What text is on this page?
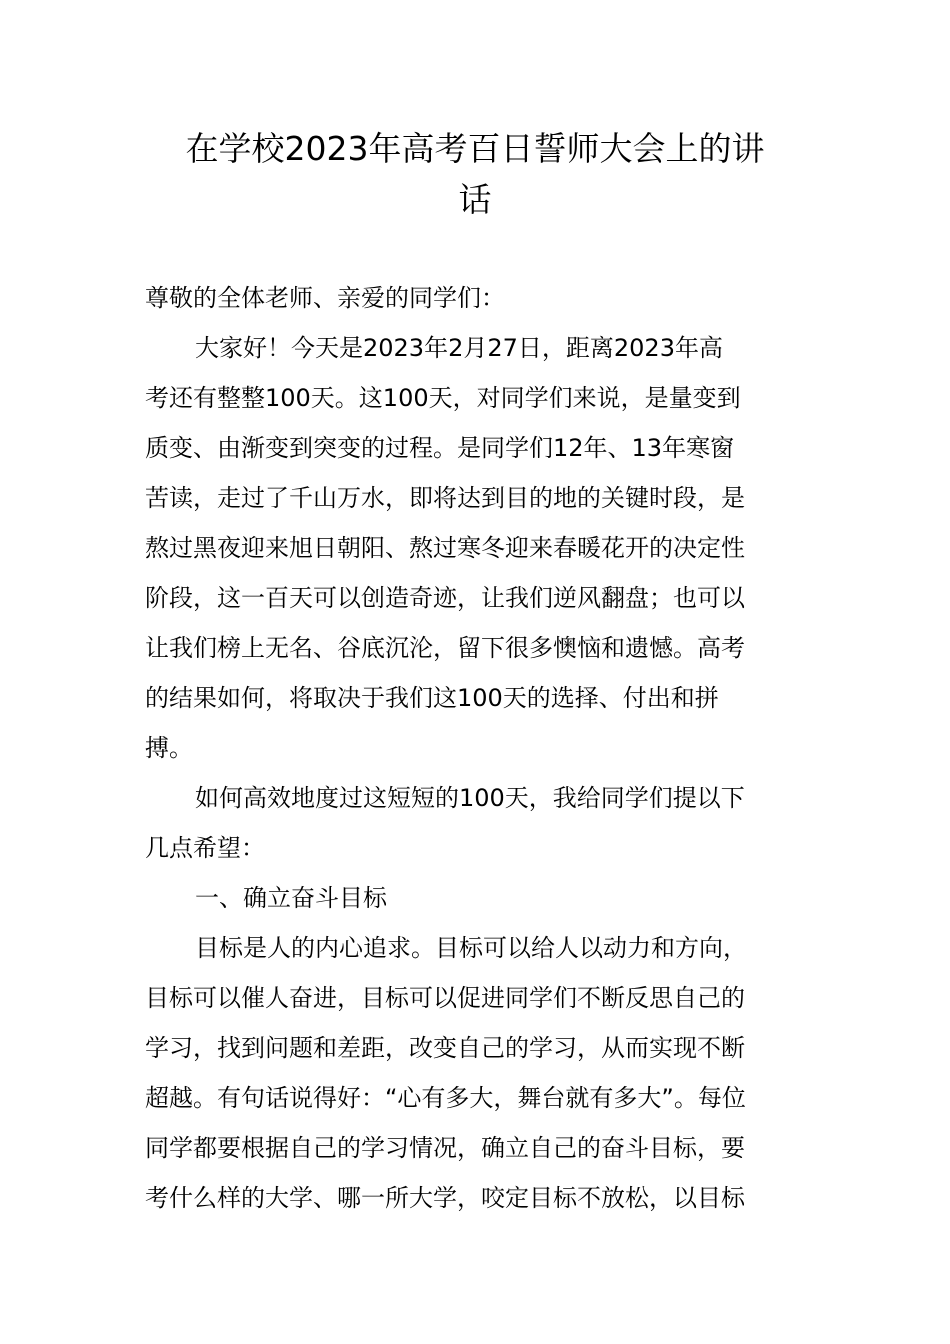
在学校2023年高考百日誓师大会上的讲
话

尊敬的全体老师、亲爱的同学们：

大家好！今天是2023年2月27日，距离2023年高

考还有整整100天。这100天，对同学们来说，是量变到

质变、由渐变到突变的过程。是同学们12年、13年寒窗

苦读，走过了千山万水，即将达到目的地的关键时段，是

熬过黑夜迎来旭日朝阳、熬过寒冬迎来春暖花开的决定性

阶段，这一百天可以创造奇迹，让我们逆风翻盘；也可以

让我们榜上无名、谷底沉沦，留下很多懊恼和遗憾。高考

的结果如何，将取决于我们这100天的选择、付出和拼

搏。

如何高效地度过这短短的100天，我给同学们提以下

几点希望：

一、确立奋斗目标

目标是人的内心追求。目标可以给人以动力和方向，

目标可以催人奋进，目标可以促进同学们不断反思自己的

学习，找到问题和差距，改变自己的学习，从而实现不断

超越。有句话说得好：“心有多大，舞台就有多大”。每位

同学都要根据自己的学习情况，确立自己的奋斗目标，要

考什么样的大学、哪一所大学，咬定目标不放松，以目标
